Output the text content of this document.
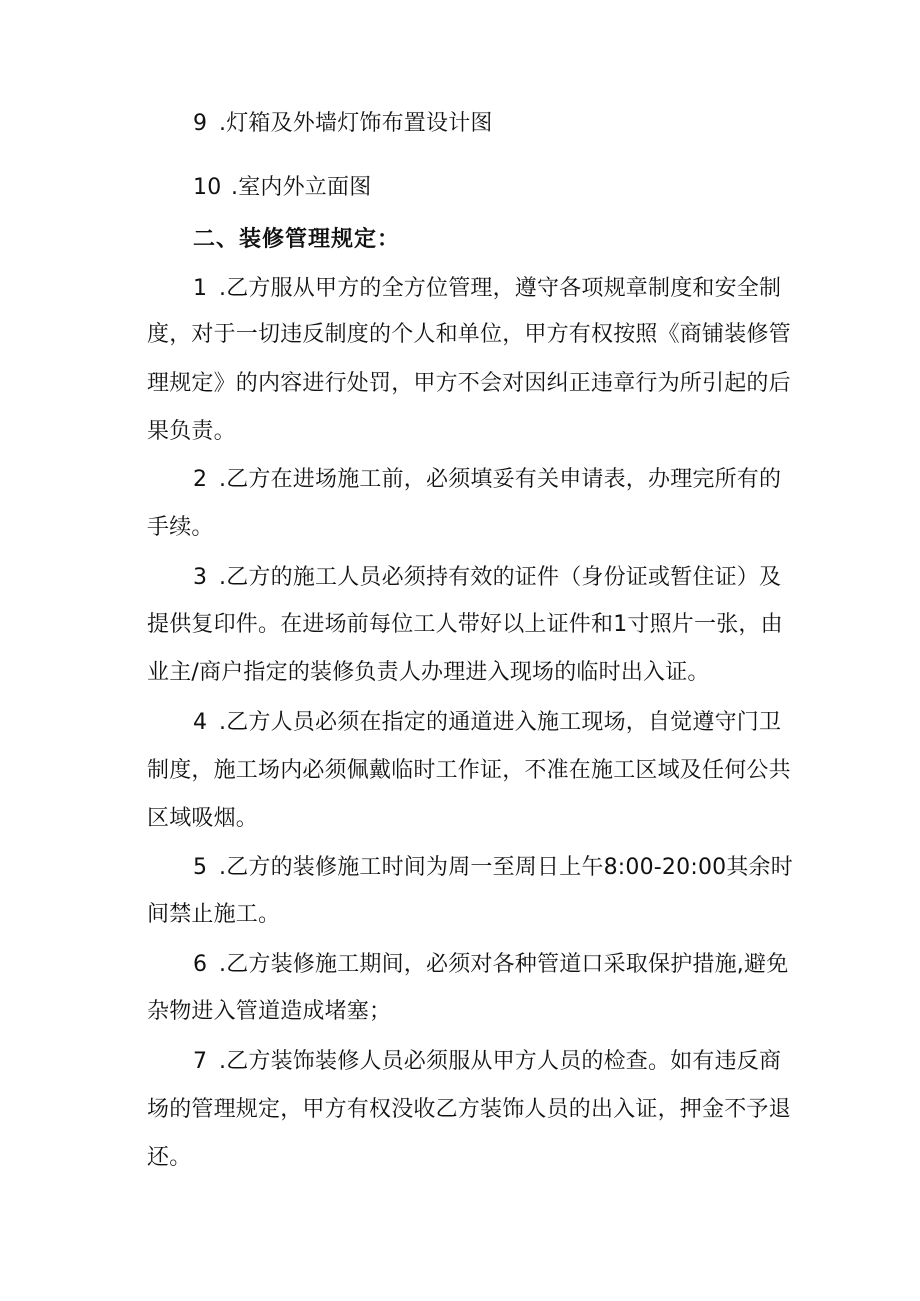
9 .灯箱及外墙灯饰布置设计图
10 .室内外立面图
二、装修管理规定：
1 .乙方服从甲方的全方位管理，遵守各项规章制度和安全制
度，对于一切违反制度的个人和单位，甲方有权按照《商铺装修管
理规定》的内容进行处罚，甲方不会对因纠正违章行为所引起的后
果负责。
2 .乙方在进场施工前，必须填妥有关申请表，办理完所有的
手续。
3 .乙方的施工人员必须持有效的证件（身份证或暂住证）及
提供复印件。在进场前每位工人带好以上证件和1寸照片一张，由
业主/商户指定的装修负责人办理进入现场的临时出入证。
4 .乙方人员必须在指定的通道进入施工现场，自觉遵守门卫
制度，施工场内必须佩戴临时工作证，不准在施工区域及任何公共
区域吸烟。
5 .乙方的装修施工时间为周一至周日上午8:00-20:00其余时
间禁止施工。
6 .乙方装修施工期间，必须对各种管道口采取保护措施,避免
杂物进入管道造成堵塞；
7 .乙方装饰装修人员必须服从甲方人员的检查。如有违反商
场的管理规定，甲方有权没收乙方装饰人员的出入证，押金不予退
还。
